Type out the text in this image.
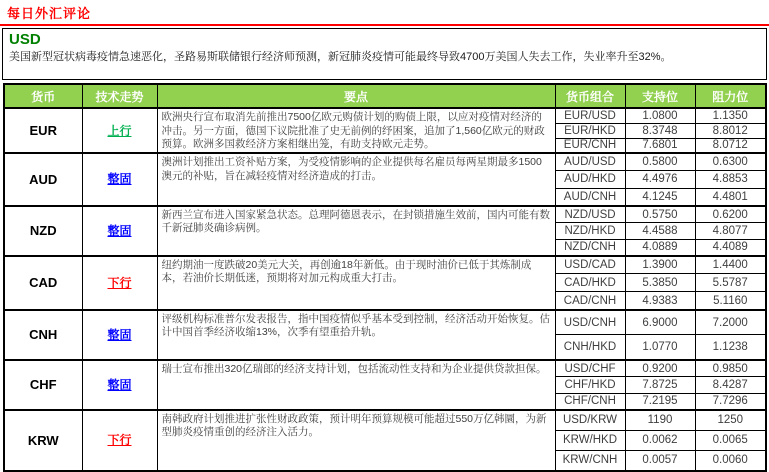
每日外汇评论
USD
美国新型冠状病毒疫情急速恶化，圣路易斯联储银行经济师预测，新冠肺炎疫情可能最终导致4700万美国人失去工作，失业率升至32%。
货币	技术走势	要点	货币组合	支持位	阻力位
EUR	上行	欧洲央行宣布取消先前推出7500亿欧元购债计划的购债上限，以应对疫情对经济的冲击。另一方面，德国下议院批准了史无前例的纾困案，追加了1,560亿欧元的财政预算。欧洲多国救经济方案相继出笼，有助支持欧元走势。	EUR/USD	1.0800	1.1350
			EUR/HKD	8.3748	8.8012
			EUR/CNH	7.6801	8.0712
AUD	整固	澳洲计划推出工资补贴方案，为受疫情影响的企业提供每名雇员每两星期最多1500澳元的补贴，旨在减轻疫情对经济造成的打击。	AUD/USD	0.5800	0.6300
			AUD/HKD	4.4976	4.8853
			AUD/CNH	4.1245	4.4801
NZD	整固	新西兰宣布进入国家紧急状态。总理阿德恩表示，在封锁措施生效前，国内可能有数千新冠肺炎确诊病例。	NZD/USD	0.5750	0.6200
			NZD/HKD	4.4588	4.8077
			NZD/CNH	4.0889	4.4089
CAD	下行	纽约期油一度跌破20美元大关，再创逾18年新低。由于现时油价已低于其炼制成本，若油价长期低迷，预期将对加元构成重大打击。	USD/CAD	1.3900	1.4400
			CAD/HKD	5.3850	5.5787
			CAD/CNH	4.9383	5.1160
CNH	整固	评级机构标准普尔发表报告，指中国疫情似乎基本受到控制，经济活动开始恢复。估计中国首季经济收缩13%，次季有望重拾升轨。	USD/CNH	6.9000	7.2000
			CNH/HKD	1.0770	1.1238
CHF	整固	瑞士宣布推出320亿瑞郎的经济支持计划，包括流动性支持和为企业提供贷款担保。	USD/CHF	0.9200	0.9850
			CHF/HKD	7.8725	8.4287
			CHF/CNH	7.2195	7.7296
KRW	下行	南韩政府计划推进扩张性财政政策，预计明年预算规模可能超过550万亿韩圜，为新型肺炎疫情重创的经济注入活力。	USD/KRW	1190	1250
			KRW/HKD	0.0062	0.0065
			KRW/CNH	0.0057	0.0060
